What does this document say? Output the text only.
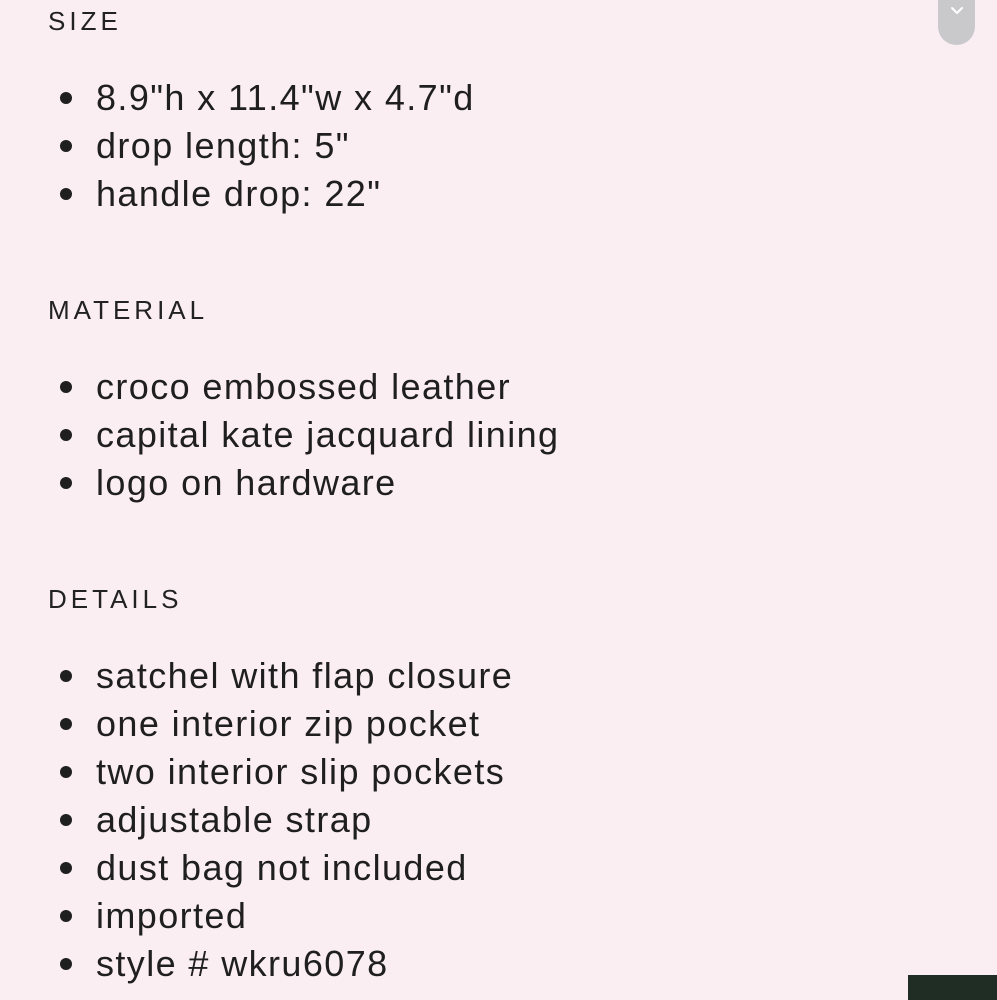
SIZE
8.9"h x 11.4"w x 4.7"d
drop length: 5"
handle drop: 22"
MATERIAL
croco embossed leather
capital kate jacquard lining
logo on hardware
DETAILS
satchel with flap closure
one interior zip pocket
two interior slip pockets
adjustable strap
dust bag not included
imported
style # wkru6078
